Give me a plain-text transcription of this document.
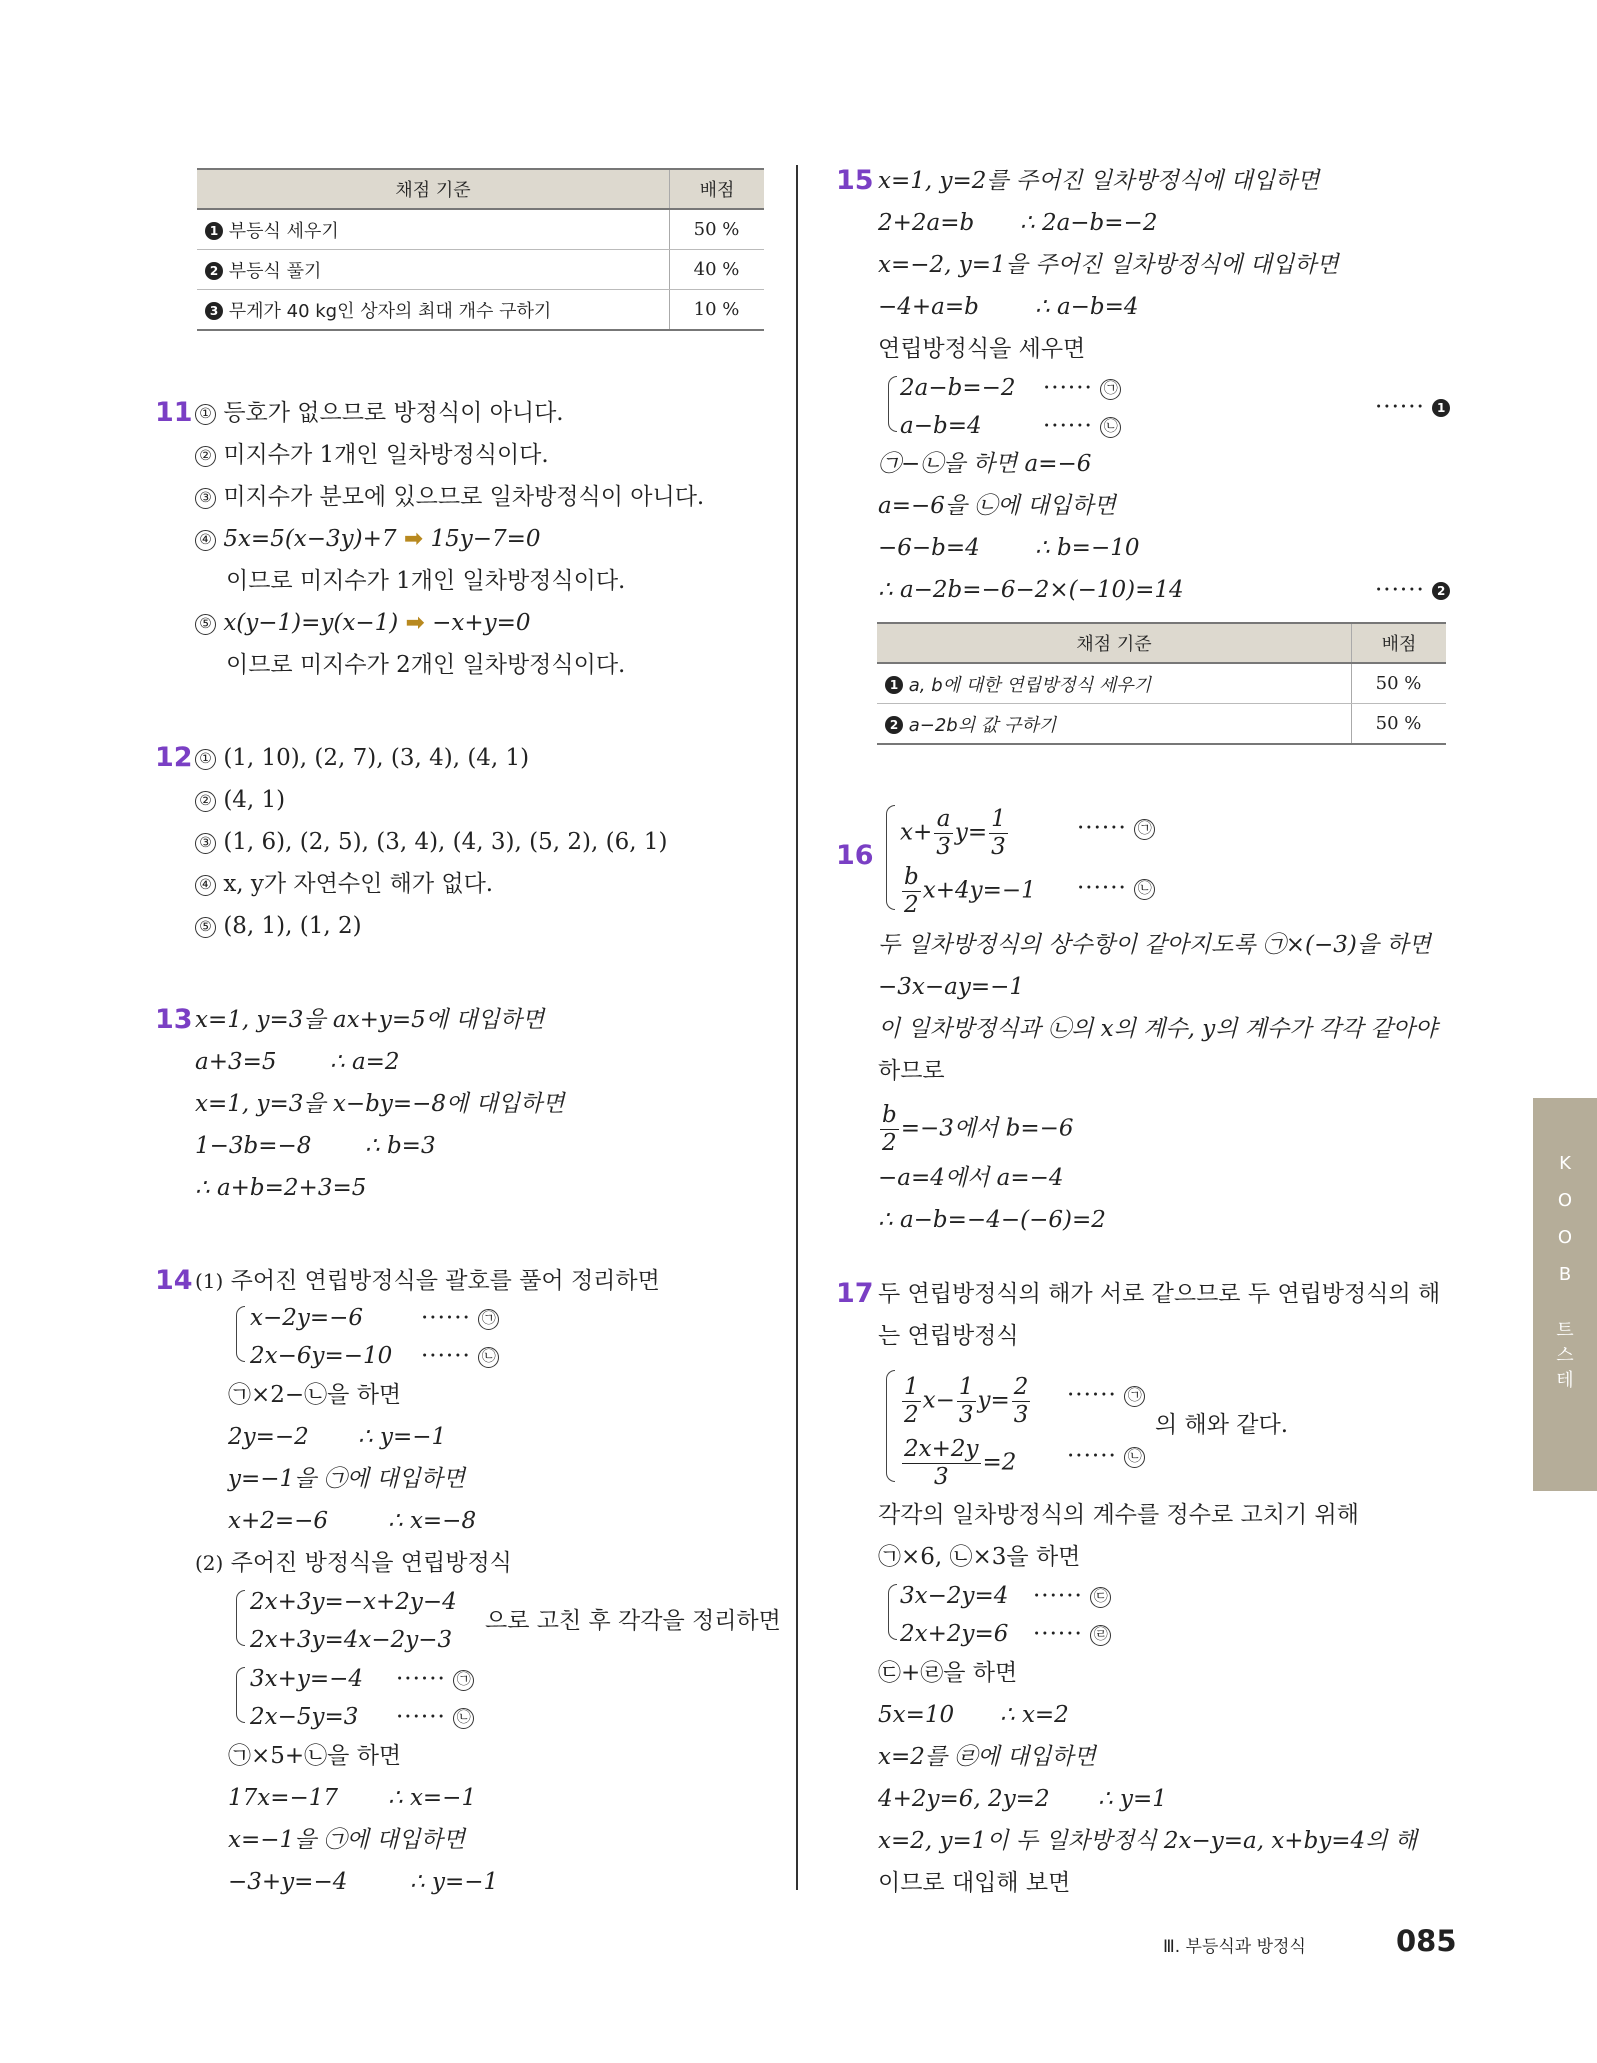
채점 기준	배점
1 부등식 세우기	50 %
2 부등식 풀기	40 %
3 무게가 40 kg인 상자의 최대 개수 구하기	10 %
11 ① 등호가 없으므로 방정식이 아니다.
② 미지수가 1개인 일차방정식이다.
③ 미지수가 분모에 있으므로 일차방정식이 아니다.
④ 5x=5(x−3y)+7 ➡ 15y−7=0
이므로 미지수가 1개인 일차방정식이다.
⑤ x(y−1)=y(x−1) ➡ −x+y=0
이므로 미지수가 2개인 일차방정식이다.
12 ① (1, 10), (2, 7), (3, 4), (4, 1)
② (4, 1)
③ (1, 6), (2, 5), (3, 4), (4, 3), (5, 2), (6, 1)
④ x, y가 자연수인 해가 없다.
⑤ (8, 1), (1, 2)
13 x=1, y=3을 ax+y=5에 대입하면
a+3=5 ∴ a=2
x=1, y=3을 x−by=−8에 대입하면
1−3b=−8 ∴ b=3
∴ a+b=2+3=5
14 (1) 주어진 연립방정식을 괄호를 풀어 정리하면
x−2y=−6	······ ㉠
2x−6y=−10 ······ ㉡
㉠×2−㉡을 하면
2y=−2 ∴ y=−1
y=−1을 ㉠에 대입하면
x+2=−6	∴ x=−8
(2) 주어진 방정식을 연립방정식
2x+3y=−x+2y−4
2x+3y=4x−2y−3
으로 고친 후 각각을 정리하면
3x+y=−4 ······ ㉠
2x−5y=3 ······ ㉡
㉠×5+㉡을 하면
17x=−17 ∴ x=−1
x=−1을 ㉠에 대입하면
−3+y=−4	∴ y=−1
15 x=1, y=2를 주어진 일차방정식에 대입하면
2+2a=b ∴ 2a−b=−2
x=−2, y=1을 주어진 일차방정식에 대입하면
−4+a=b ∴ a−b=4
연립방정식을 세우면
2a−b=−2 ······ ㉠
a−b=4	······ ㉡
······ 1
㉠−㉡을 하면 a=−6
a=−6을 ㉡에 대입하면
−6−b=4 ∴ b=−10
∴ a−2b=−6−2×(−10)=14	······ 2
채점 기준	배점
1 a, b에 대한 연립방정식 세우기	50 %
2 a−2b의 값 구하기	50 %
16
$x+ \frac{a}{3} y= \frac{1}{3}$	······ ㉠
$\frac{b}{2} x+4y=-1$ ······ ㉡
두 일차방정식의 상수항이 같아지도록 ㉠×(−3)을 하면
−3x−ay=−1
이 일차방정식과 ㉡의 x의 계수, y의 계수가 각각 같아야
하므로
$\frac{b}{2} =-3$에서 b=−6
−a=4에서 a=−4
∴ a−b=−4−(−6)=2
17 두 연립방정식의 해가 서로 같으므로 두 연립방정식의 해
는 연립방정식
$\frac{1}{2} x- \frac{1}{3} y= \frac{2}{3}$ ······ ㉠
$\frac{2x+2y}{3} =2$ ······ ㉡
의 해와 같다.
각각의 일차방정식의 계수를 정수로 고치기 위해
㉠×6, ㉡×3을 하면
3x−2y=4 ······ ㉢
2x+2y=6 ······ ㉣
㉢+㉣을 하면
5x=10 ∴ x=2
x=2를 ㉣에 대입하면
4+2y=6, 2y=2 ∴ y=1
x=2, y=1이 두 일차방정식 2x−y=a, x+by=4의 해
이므로 대입해 보면
K
O
O
B
트
스
테
Ⅲ. 부등식과 방정식	085
